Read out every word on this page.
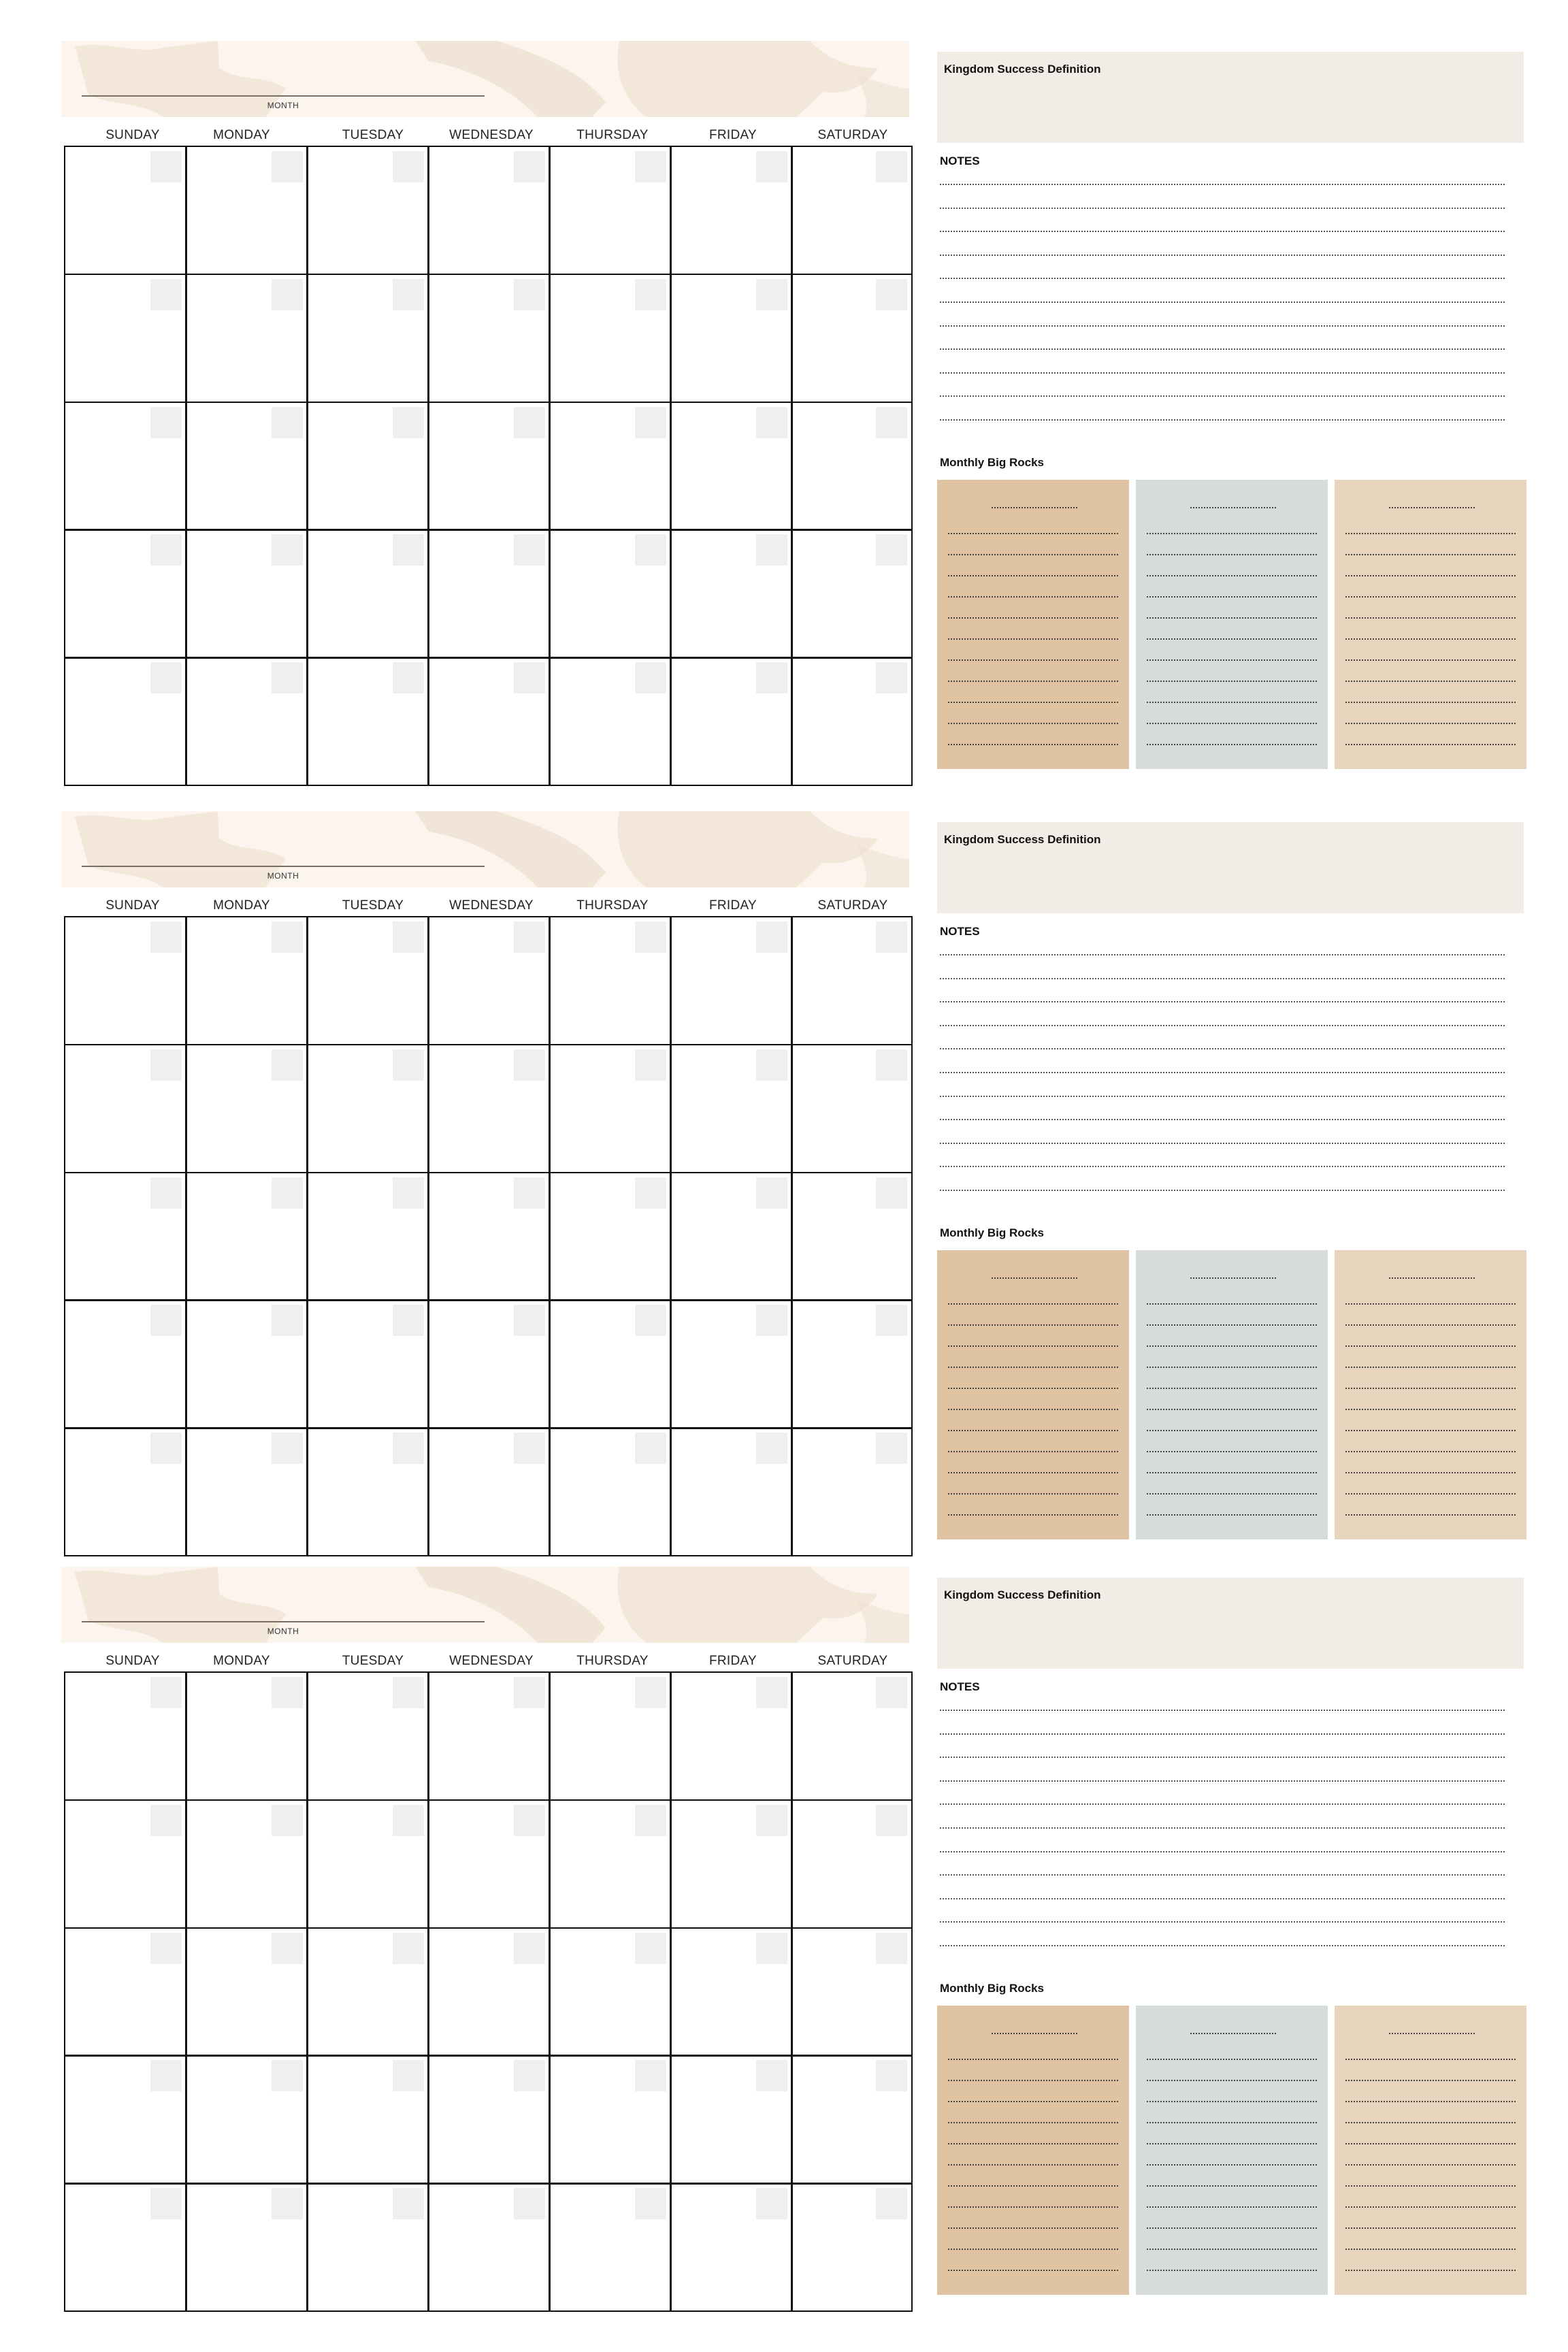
MONTH
SUNDAY	MONDAY	TUESDAY	WEDNESDAY	THURSDAY	FRIDAY	SATURDAY
Kingdom Success Definition
NOTES
Monthly Big Rocks
MONTH
SUNDAY	MONDAY	TUESDAY	WEDNESDAY	THURSDAY	FRIDAY	SATURDAY
Kingdom Success Definition
NOTES
Monthly Big Rocks
MONTH
SUNDAY	MONDAY	TUESDAY	WEDNESDAY	THURSDAY	FRIDAY	SATURDAY
Kingdom Success Definition
NOTES
Monthly Big Rocks
